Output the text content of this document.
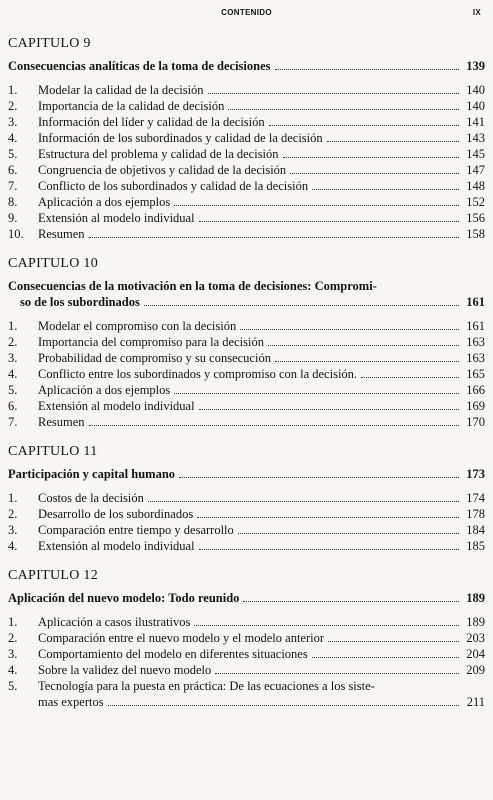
CONTENIDO	IX
CAPITULO 9
Consecuencias analíticas de la toma de decisiones	139
1.	Modelar la calidad de la decisión	140
2.	Importancia de la calidad de decisión	140
3.	Información del líder y calidad de la decisión	141
4.	Información de los subordinados y calidad de la decisión	143
5.	Estructura del problema y calidad de la decisión	145
6.	Congruencia de objetivos y calidad de la decisión	147
7.	Conflicto de los subordinados y calidad de la decisión	148
8.	Aplicación a dos ejemplos	152
9.	Extensión al modelo individual	156
10.	Resumen	158
CAPITULO 10
Consecuencias de la motivación en la toma de decisiones: Compromi-
so de los subordinados	161
1.	Modelar el compromiso con la decisión	161
2.	Importancia del compromiso para la decisión	163
3.	Probabilidad de compromiso y su consecución	163
4.	Conflicto entre los subordinados y compromiso con la decisión.	165
5.	Aplicación a dos ejemplos	166
6.	Extensión al modelo individual	169
7.	Resumen	170
CAPITULO 11
Participación y capital humano	173
1.	Costos de la decisión	174
2.	Desarrollo de los subordinados	178
3.	Comparación entre tiempo y desarrollo	184
4.	Extensión al modelo individual	185
CAPITULO 12
Aplicación del nuevo modelo: Todo reunido	189
1.	Aplicación a casos ilustrativos	189
2.	Comparación entre el nuevo modelo y el modelo anterior	203
3.	Comportamiento del modelo en diferentes situaciones	204
4.	Sobre la validez del nuevo modelo	209
5.	Tecnología para la puesta en práctica: De las ecuaciones a los siste-
mas expertos	211
